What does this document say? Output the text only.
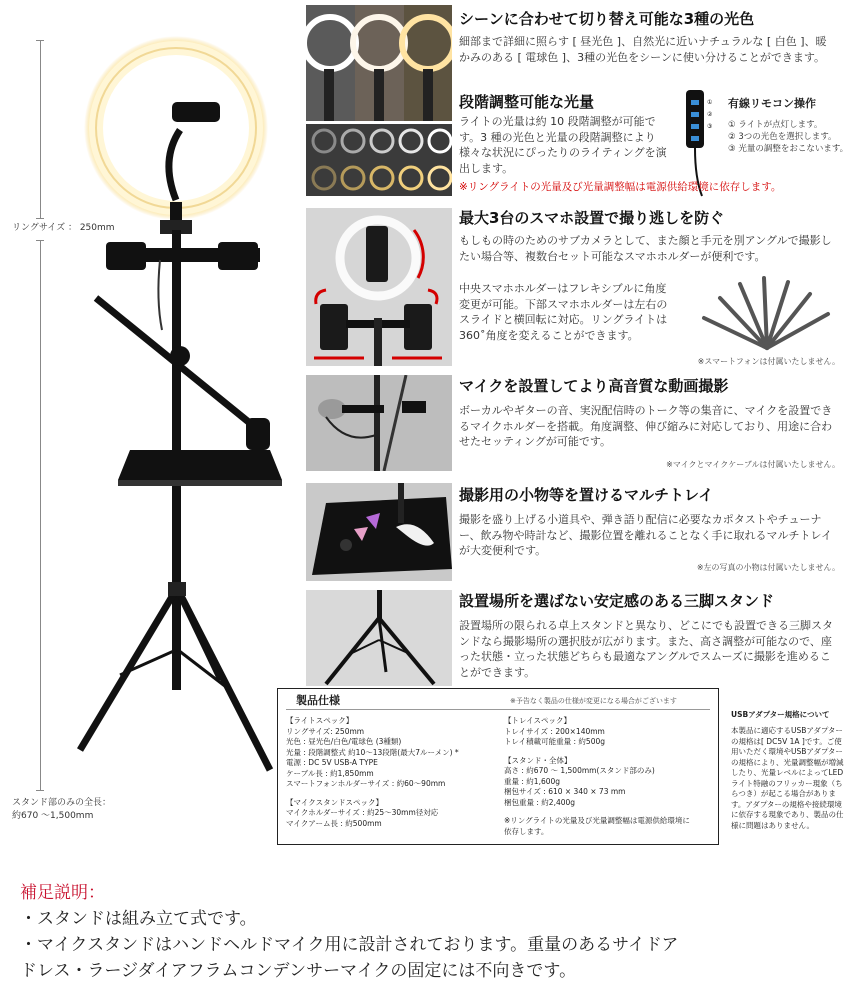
リングサイズ ： 250mm
スタンド部のみの全長：
約670 〜1,500mm
シーンに合わせて切り替え可能な3種の光色
細部まで詳細に照らす [ 昼光色 ]、自然光に近いナチュラルな [ 白色 ]、暖かみのある [ 電球色 ]、3種の光色をシーンに使い分けることができます。
段階調整可能な光量
ライトの光量は約 10 段階調整が可能です。3 種の光色と光量の段階調整により様々な状況にぴったりのライティングを演出します。
①
②
③
有線リモコン操作
① ライトが点灯します。
② 3つの光色を選択します。
③ 光量の調整をおこないます。
※リングライトの光量及び光量調整幅は電源供給環境に依存します。
最大3台のスマホ設置で撮り逃しを防ぐ
もしもの時のためのサブカメラとして、また顔と手元を別アングルで撮影したい場合等、複数台セット可能なスマホホルダーが便利です。
中央スマホホルダーはフレキシブルに角度変更が可能。下部スマホホルダーは左右のスライドと横回転に対応。リングライトは360˚角度を変えることができます。
※スマートフォンは付属いたしません。
マイクを設置してより高音質な動画撮影
ボーカルやギターの音、実況配信時のトーク等の集音に、マイクを設置できるマイクホルダーを搭載。角度調整、伸び縮みに対応しており、用途に合わせたセッティングが可能です。
※マイクとマイクケーブルは付属いたしません。
撮影用の小物等を置けるマルチトレイ
撮影を盛り上げる小道具や、弾き語り配信に必要なカポタストやチューナー、飲み物や時計など、撮影位置を離れることなく手に取れるマルチトレイが大変便利です。
※左の写真の小物は付属いたしません。
設置場所を選ばない安定感のある三脚スタンド
設置場所の限られる卓上スタンドと異なり、どこにでも設置できる三脚スタンドなら撮影場所の選択肢が広がります。また、高さ調整が可能なので、座った状態・立った状態どちらも最適なアングルでスムーズに撮影を進めることができます。
製品仕様	※予告なく製品の仕様が変更になる場合がございます
【ライトスペック】
リングサイズ: 250mm
光色 : 昼光色/白色/電球色 (3種類)
光量 : 段階調整式 約10〜13段階(最大7ルーメン) *
電源 : DC 5V USB-A TYPE
ケーブル長 : 約1,850mm
スマートフォンホルダーサイズ : 約60〜90mm
【マイクスタンドスペック】
マイクホルダーサイズ : 約25〜30mm径対応
マイクアーム長 : 約500mm
【トレイスペック】
トレイサイズ : 200×140mm
トレイ積載可能重量 : 約500g
【スタンド・全体】
高さ : 約670 〜 1,500mm(スタンド部のみ)
重量 : 約1,600g
梱包サイズ : 610 × 340 × 73 mm
梱包重量 : 約2,400g
※リングライトの光量及び光量調整幅は電源供給環境に
依存します。
USBアダプター規格について
本製品に適応するUSBアダプターの規格は[ DC5V 1A ]です。ご使用いただく環境やUSBアダプターの規格により、光量調整幅が増減したり、光量レベルによってLEDライト特融のフリッカー現象（ちらつき）が起こる場合があります。アダプターの規格や接続環境に依存する現象であり、製品の仕様に問題はありません。
補足説明：
・スタンドは組み立て式です。
・マイクスタンドはハンドヘルドマイク用に設計されております。重量のあるサイドア
ドレス・ラージダイアフラムコンデンサーマイクの固定には不向きです。
